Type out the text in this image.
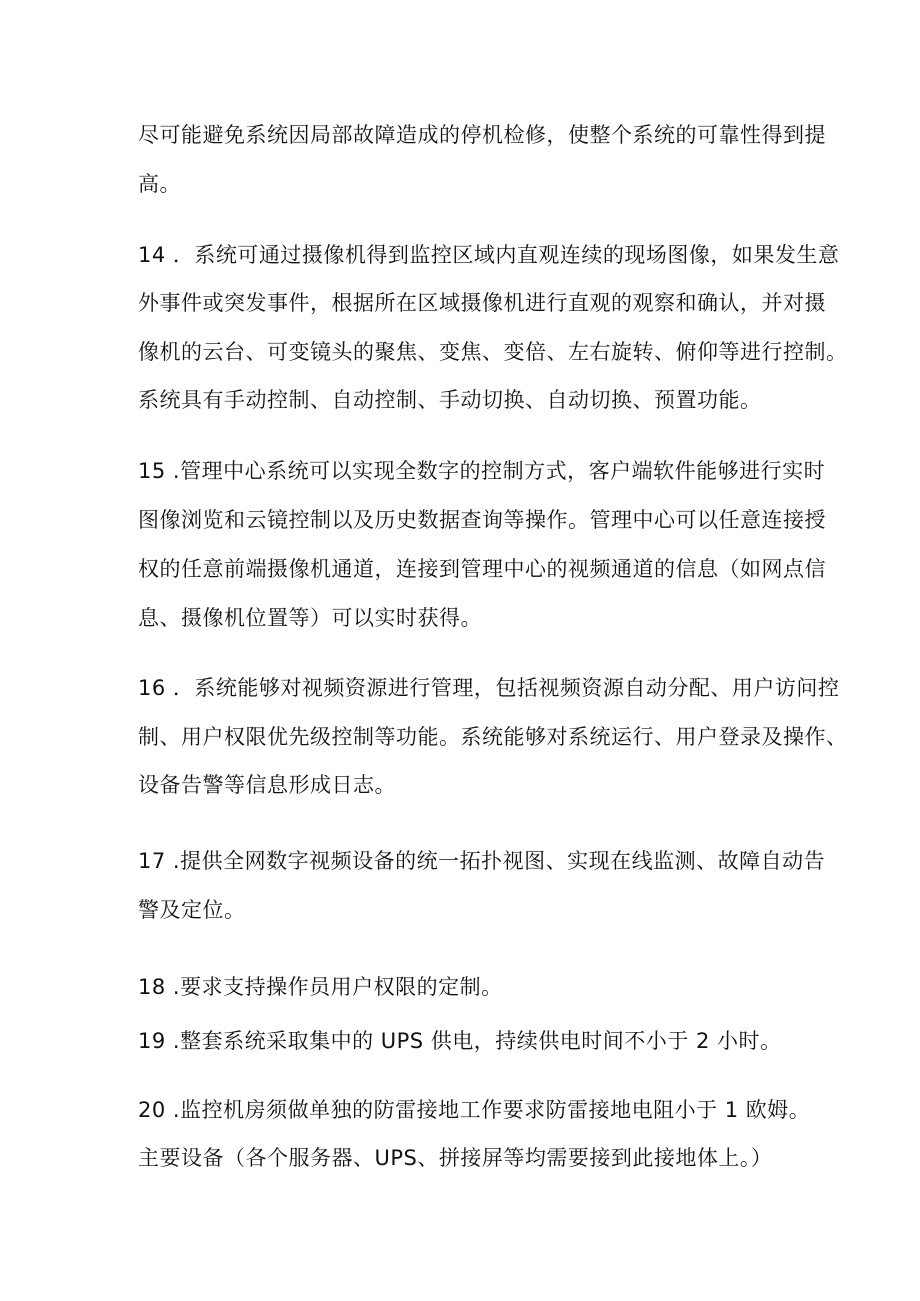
尽可能避免系统因局部故障造成的停机检修，使整个系统的可靠性得到提
高。
14 ．系统可通过摄像机得到监控区域内直观连续的现场图像，如果发生意
外事件或突发事件，根据所在区域摄像机进行直观的观察和确认，并对摄
像机的云台、可变镜头的聚焦、变焦、变倍、左右旋转、俯仰等进行控制。
系统具有手动控制、自动控制、手动切换、自动切换、预置功能。
15 .管理中心系统可以实现全数字的控制方式，客户端软件能够进行实时
图像浏览和云镜控制以及历史数据查询等操作。管理中心可以任意连接授
权的任意前端摄像机通道，连接到管理中心的视频通道的信息（如网点信
息、摄像机位置等）可以实时获得。
16 ．系统能够对视频资源进行管理，包括视频资源自动分配、用户访问控
制、用户权限优先级控制等功能。系统能够对系统运行、用户登录及操作、
设备告警等信息形成日志。
17 .提供全网数字视频设备的统一拓扑视图、实现在线监测、故障自动告
警及定位。
18 .要求支持操作员用户权限的定制。
19 .整套系统采取集中的 UPS 供电，持续供电时间不小于 2 小时。
20 .监控机房须做单独的防雷接地工作要求防雷接地电阻小于 1 欧姆。
主要设备（各个服务器、UPS、拼接屏等均需要接到此接地体上。）
